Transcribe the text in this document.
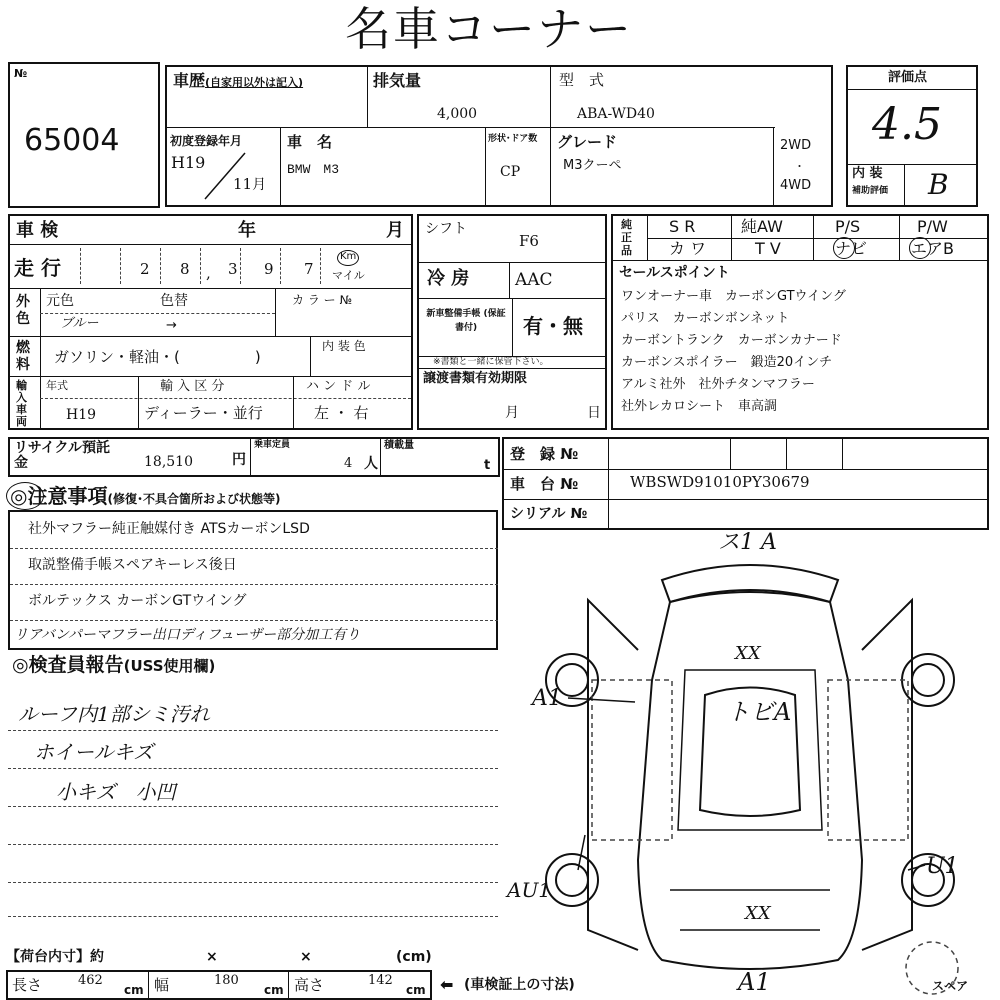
名車コーナー
№
65004
車歴(自家用以外は記入)	排気量
4,000
型　式
ABA-WD40
初度登録年月
H19
11月
車　名
BMW　M3
形状･ドア数
CP
グレード
M3クーペ
2WD
・
4WD
評価点
4.5
内 装
補助評価 B
車 検	年	月
走 行	2 8 , 3 9 7
Km
マイル
外色
元色	色替	カ ラ ー №
ブルー	→
燃料 ガソリン・軽油・(　　　　　)
内 装 色
輸入車両
年式
H19
輸 入 区 分
ディーラー・並行
ハ ン ド ル
左 ・ 右
シフト
F6
冷 房	AAC
新車整備手帳 (保証書付)	有・無
※書類と一緒に保管下さい。
譲渡書類有効期限
月	日
純正品
S R	純AW	P/S	P/W
カ ワ	T V	ナビ	エアB
セールスポイント
ワンオーナー車　カーボンGTウイング
パリス　カーボンボンネット
カーボントランク　カーボンカナード
カーボンスポイラー　鍛造20インチ
アルミ社外　社外チタンマフラー
社外レカロシート　車高調
リサイクル預託金	18,510	円
乗車定員
4 人
積載量
t
登　録 №
車　台 №	WBSWD91010PY30679
シリアル №
◎注意事項(修復･不具合箇所および状態等)
社外マフラー純正触媒付き ATSカーボンLSD
取説整備手帳スペアキーレス後日
ボルテックス カーボンGTウイング
リアバンパーマフラー出口ディフューザー部分加工有り
◎検査員報告(USS使用欄)
ルーフ内1部シミ汚れ
ホイールキズ
小キズ　小凹
ス1 A
XX
トビA
A1
AU1
U1
XX
A1	スペア
【荷台内寸】約	×	×	(cm)
長さ	462
cm 幅	180
cm 高さ	142
cm ⬅ (車検証上の寸法)
